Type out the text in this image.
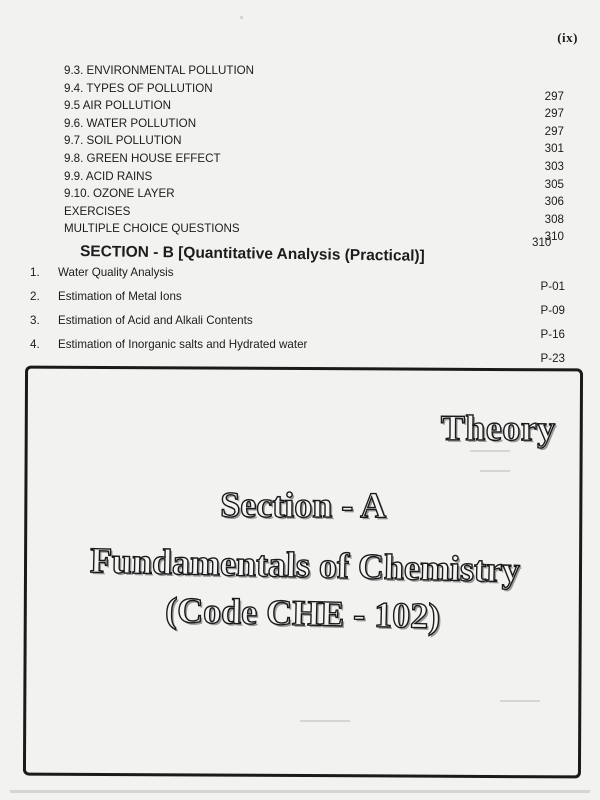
(ix)
9.3. ENVIRONMENTAL POLLUTION
9.4. TYPES OF POLLUTION
297
9.5 AIR POLLUTION
297
9.6. WATER POLLUTION
297
9.7. SOIL POLLUTION
301
9.8. GREEN HOUSE EFFECT
303
9.9. ACID RAINS
305
9.10. OZONE LAYER
306
EXERCISES
308
MULTIPLE CHOICE QUESTIONS
310
310
SECTION - B [Quantitative Analysis (Practical)]
1. Water Quality Analysis
P-01
2. Estimation of Metal Ions
P-09
3. Estimation of Acid and Alkali Contents
P-16
4. Estimation of Inorganic salts and Hydrated water
P-23
Theory
Section - A
Fundamentals of Chemistry
(Code CHE - 102)
